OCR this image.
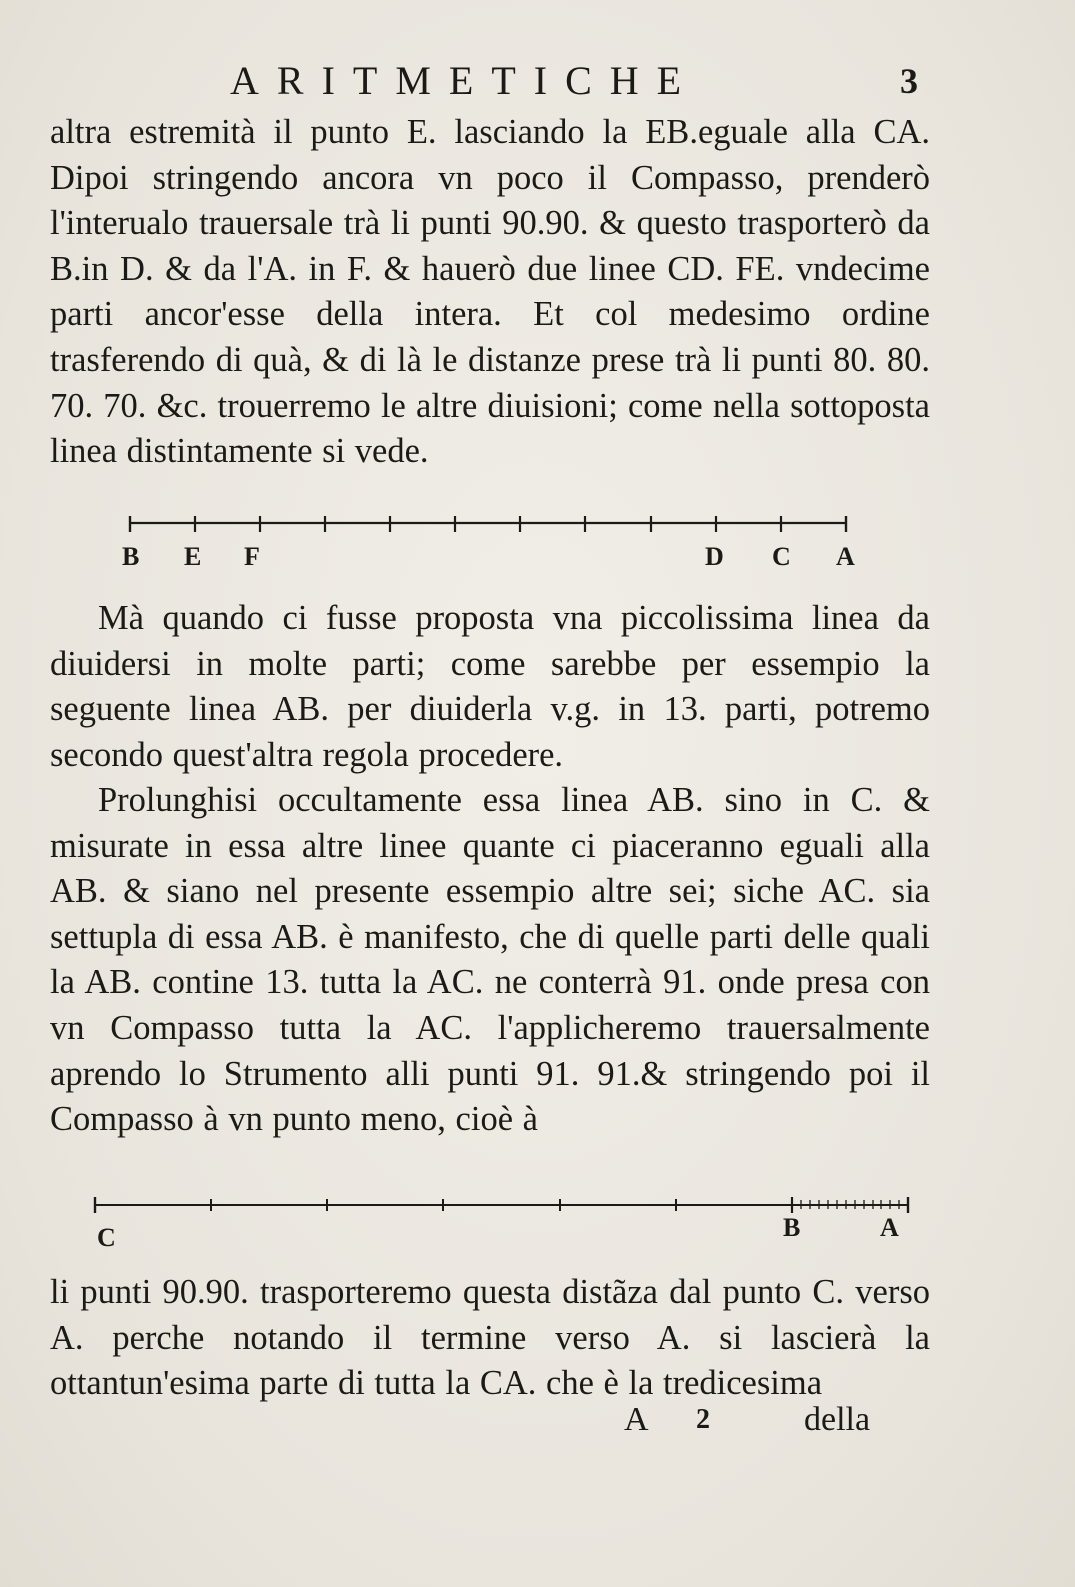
ARITMETICHE	3

altra estremità il punto E. lasciando la EB.eguale alla CA. Dipoi stringendo ancora vn poco il Compasso, prenderò l'interualo trauersale trà li punti 90.90. & questo trasporterò da B.in D. & da l'A. in F. & hauerò due linee CD. FE. vndecime parti ancor'esse della intera. Et col medesimo ordine trasferendo di quà, & di là le distanze prese trà li punti 80. 80. 70. 70. &c. trouerremo le altre diuisioni; come nella sottoposta linea distintamente si vede.

B E F	D C A

Mà quando ci fusse proposta vna piccolissima linea da diuidersi in molte parti; come sarebbe per essempio la seguente linea AB. per diuiderla v.g. in 13. parti, potremo secondo quest'altra regola procedere.

Prolunghisi occultamente essa linea AB. sino in C. & misurate in essa altre linee quante ci piaceranno eguali alla AB. & siano nel presente essempio altre sei; siche AC. sia settupla di essa AB. è manifesto, che di quelle parti delle quali la AB. contine 13. tutta la AC. ne conterrà 91. onde presa con vn Compasso tutta la AC. l'applicheremo trauersalmente aprendo lo Strumento alli punti 91. 91.& stringendo poi il Compasso à vn punto meno, cioè à

C	B	A

li punti 90.90. trasporteremo questa distãza dal punto C. verso A. perche notando il termine verso A. si lascierà la ottantun'esima parte di tutta la CA. che è la tredicesima

A 2	della
